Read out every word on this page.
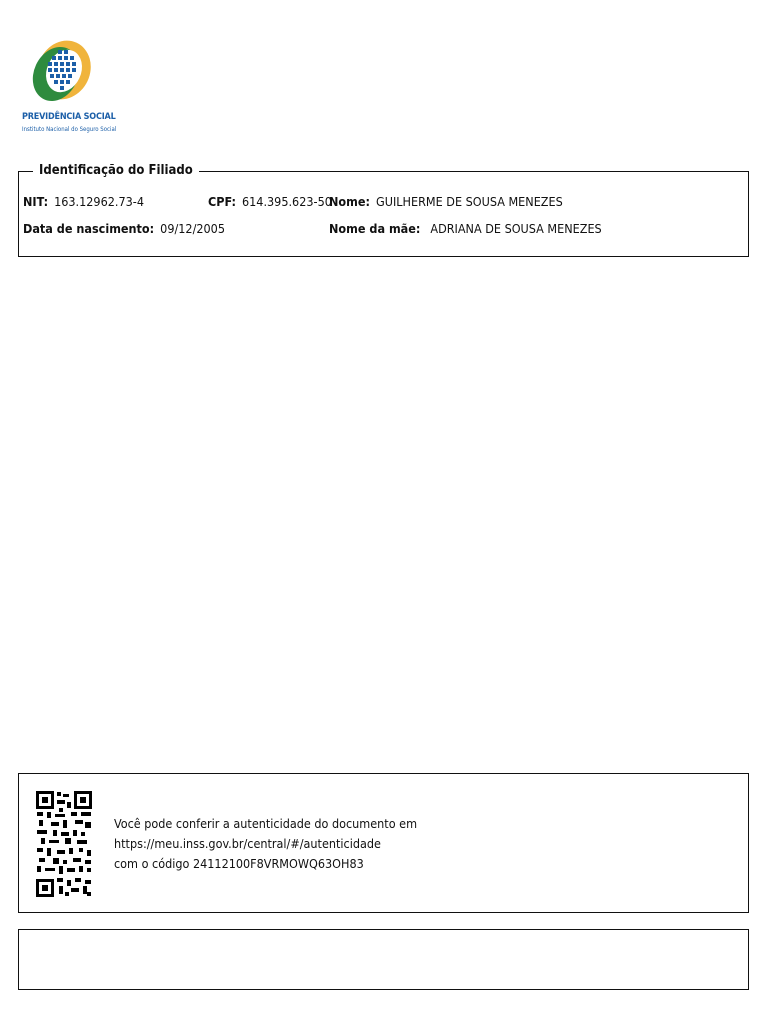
PREVIDÊNCIA SOCIAL
Instituto Nacional do Seguro Social
Identificação do Filiado
NIT: 163.12962.73-4	CPF: 614.395.623-50
Nome: GUILHERME DE SOUSA MENEZES
Data de nascimento: 09/12/2005	Nome da mãe: ADRIANA DE SOUSA MENEZES
Você pode conferir a autenticidade do documento em
https://meu.inss.gov.br/central/#/autenticidade
com o código 24112100F8VRMOWQ63OH83
